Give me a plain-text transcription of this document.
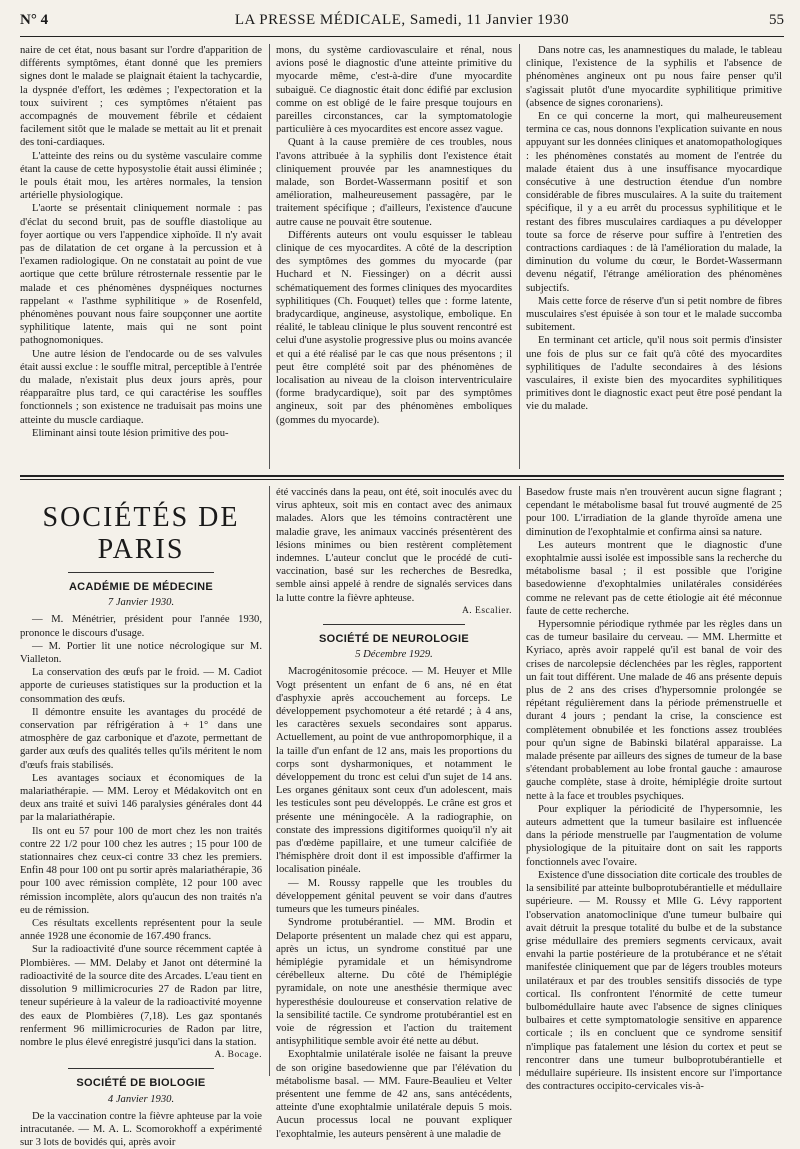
N° 4	LA PRESSE MÉDICALE, Samedi, 11 Janvier 1930	55

naire de cet état, nous basant sur l'ordre d'apparition de différents symptômes, étant donné que les premiers signes dont le malade se plaignait étaient la tachycardie, la dyspnée d'effort, les œdèmes ; l'expectoration et la toux suivirent ; ces symptômes n'étaient pas accompagnés de mouvement fébrile et cédaient facilement sitôt que le malade se mettait au lit et prenait des toni-cardiaques.

L'atteinte des reins ou du système vasculaire comme étant la cause de cette hyposystolie était aussi éliminée ; le pouls était mou, les artères normales, la tension artérielle physiologique.

L'aorte se présentait cliniquement normale : pas d'éclat du second bruit, pas de souffle diastolique au foyer aortique ou vers l'appendice xiphoïde. Il n'y avait pas de dilatation de cet organe à la percussion et à l'examen radiologique. On ne constatait au point de vue aortique que cette brûlure rétrosternale ressentie par le malade et ces phénomènes dyspnéiques nocturnes rappelant « l'asthme syphilitique » de Rosenfeld, phénomènes pouvant nous faire soupçonner une aortite syphilitique latente, mais qui ne sont point pathognomoniques.

Une autre lésion de l'endocarde ou de ses valvules était aussi exclue : le souffle mitral, perceptible à l'entrée du malade, n'existait plus deux jours après, pour réapparaître plus tard, ce qui caractérise les souffles fonctionnels ; son existence ne traduisait pas moins une atteinte du muscle cardiaque.

Eliminant ainsi toute lésion primitive des pou-

mons, du système cardiovasculaire et rénal, nous avions posé le diagnostic d'une atteinte primitive du myocarde même, c'est-à-dire d'une myocardite subaiguë. Ce diagnostic était donc édifié par exclusion comme on est obligé de le faire presque toujours en pareilles circonstances, car la symptomatologie particulière à ces myocardites est encore assez vague.

Quant à la cause première de ces troubles, nous l'avons attribuée à la syphilis dont l'existence était cliniquement prouvée par les anamnestiques du malade, son Bordet-Wassermann positif et son amélioration, malheureusement passagère, par le traitement spécifique ; d'ailleurs, l'existence d'aucune autre cause ne pouvait être soutenue.

Différents auteurs ont voulu esquisser le tableau clinique de ces myocardites. A côté de la description des symptômes des gommes du myocarde (par Huchard et N. Fiessinger) on a décrit aussi schématiquement des formes cliniques des myocardites syphilitiques (Ch. Fouquet) telles que : forme latente, bradycardique, angineuse, asystolique, embolique. En réalité, le tableau clinique le plus souvent rencontré est celui d'une asystolie progressive plus ou moins avancée et qui a été réalisé par le cas que nous présentons ; il peut être complété soit par des phénomènes de localisation au niveau de la cloison interventriculaire (forme bradycardique), soit par des symptômes angineux, soit par des phénomènes emboliques (gommes du myocarde).

Dans notre cas, les anamnestiques du malade, le tableau clinique, l'existence de la syphilis et l'absence de phénomènes angineux ont pu nous faire penser qu'il s'agissait plutôt d'une myocardite syphilitique primitive (absence de signes coronariens).

En ce qui concerne la mort, qui malheureusement termina ce cas, nous donnons l'explication suivante en nous appuyant sur les données cliniques et anatomopathologiques : les phénomènes constatés au moment de l'entrée du malade étaient dus à une insuffisance myocardique consécutive à une destruction étendue d'un nombre considérable de fibres musculaires. A la suite du traitement spécifique, il y a eu arrêt du processus syphilitique et le restant des fibres musculaires cardiaques a pu développer toute sa force de réserve pour suffire à l'entretien des contractions cardiaques : de là l'amélioration du malade, la diminution du volume du cœur, le Bordet-Wassermann devenu négatif, l'étrange amélioration des phénomènes subjectifs.

Mais cette force de réserve d'un si petit nombre de fibres musculaires s'est épuisée à son tour et le malade succomba subitement.

En terminant cet article, qu'il nous soit permis d'insister une fois de plus sur ce fait qu'à côté des myocardites syphilitiques de l'adulte secondaires à des lésions vasculaires, il existe bien des myocardites syphilitiques primitives dont le diagnostic exact peut être posé pendant la vie du malade.

SOCIÉTÉS DE PARIS
ACADÉMIE DE MÉDECINE
7 Janvier 1930.

— M. Ménétrier, président pour l'année 1930, prononce le discours d'usage.

— M. Portier lit une notice nécrologique sur M. Vialleton.

La conservation des œufs par le froid. — M. Cadiot apporte de curieuses statistiques sur la production et la consommation des œufs.

Il démontre ensuite les avantages du procédé de conservation par réfrigération à + 1° dans une atmosphère de gaz carbonique et d'azote, permettant de garder aux œufs des qualités telles qu'ils méritent le nom d'œufs frais stabilisés.

Les avantages sociaux et économiques de la malariathérapie. — MM. Leroy et Médakovitch ont en deux ans traité et suivi 146 paralysies générales dont 44 par la malariathérapie.

Ils ont eu 57 pour 100 de mort chez les non traités contre 22 1/2 pour 100 chez les autres ; 15 pour 100 de stationnaires chez ceux-ci contre 33 chez les premiers. Enfin 48 pour 100 ont pu sortir après malariathérapie, 36 pour 100 avec rémission complète, 12 pour 100 avec rémission incomplète, alors qu'aucun des non traités n'a eu de rémission.

Ces résultats excellents représentent pour la seule année 1928 une économie de 167.490 francs.

Sur la radioactivité d'une source récemment captée à Plombières. — MM. Delaby et Janot ont déterminé la radioactivité de la source dite des Arcades. L'eau tient en dissolution 9 millimicrocuries 27 de Radon par litre, teneur supérieure à la valeur de la radioactivité moyenne des eaux de Plombières (7,18). Les gaz spontanés renferment 96 millimicrocuries de Radon par litre, nombre le plus élevé enregistré jusqu'ici dans la station.

A. Bocage.

SOCIÉTÉ DE BIOLOGIE
4 Janvier 1930.

De la vaccination contre la fièvre aphteuse par la voie intracutanée. — M. A. L. Scomorokhoff a expérimenté sur 3 lots de bovidés qui, après avoir

été vaccinés dans la peau, ont été, soit inoculés avec du virus aphteux, soit mis en contact avec des animaux malades. Alors que les témoins contractèrent une maladie grave, les animaux vaccinés présentèrent des lésions minimes ou bien restèrent complètement indemnes. L'auteur conclut que le procédé de cuti-vaccination, basé sur les recherches de Besredka, semble ainsi appelé à rendre de signalés services dans la lutte contre la fièvre aphteuse.

A. Escalier.

SOCIÉTÉ DE NEUROLOGIE
5 Décembre 1929.

Macrogénitosomie précoce. — M. Heuyer et Mlle Vogt présentent un enfant de 6 ans, né en état d'asphyxie après accouchement au forceps. Le développement psychomoteur a été retardé ; à 4 ans, les caractères sexuels secondaires sont apparus. Actuellement, au point de vue anthropomorphique, il a la taille d'un enfant de 12 ans, mais les proportions du corps sont dysharmoniques, et notamment le développement du tronc est celui d'un sujet de 14 ans. Les organes génitaux sont ceux d'un adolescent, mais les testicules sont peu développés. Le crâne est gros et présente une méningocèle. A la radiographie, on constate des impressions digitiformes quoiqu'il n'y ait pas d'œdème papillaire, et une tumeur calcifiée de l'hémisphère droit dont il est impossible d'affirmer la localisation pinéale.

— M. Roussy rappelle que les troubles du développement génital peuvent se voir dans d'autres tumeurs que les tumeurs pinéales.

Syndrome protubérantiel. — MM. Brodin et Delaporte présentent un malade chez qui est apparu, après un ictus, un syndrome constitué par une hémiplégie pyramidale et un hémisyndrome cérébelleux alterne. Du côté de l'hémiplégie pyramidale, on note une anesthésie thermique avec hyperesthésie douloureuse et conservation relative de la sensibilité tactile. Ce syndrome protubérantiel est en voie de régression et l'action du traitement antisyphilitique semble avoir été nette au début.

Exophtalmie unilatérale isolée ne faisant la preuve de son origine basedowienne que par l'élévation du métabolisme basal. — MM. Faure-Beaulieu et Velter présentent une femme de 42 ans, sans antécédents, atteinte d'une exophtalmie unilatérale depuis 5 mois. Aucun processus local ne pouvant expliquer l'exophtalmie, les auteurs pensèrent à une maladie de

Basedow fruste mais n'en trouvèrent aucun signe flagrant ; cependant le métabolisme basal fut trouvé augmenté de 25 pour 100. L'irradiation de la glande thyroïde amena une diminution de l'exophtalmie et confirma ainsi sa nature.

Les auteurs montrent que le diagnostic d'une exophtalmie aussi isolée est impossible sans la recherche du métabolisme basal ; il est possible que l'origine basedowienne d'exophtalmies unilatérales considérées comme ne relevant pas de cette étiologie ait été méconnue faute de cette recherche.

Hypersomnie périodique rythmée par les règles dans un cas de tumeur basilaire du cerveau. — MM. Lhermitte et Kyriaco, après avoir rappelé qu'il est banal de voir des crises de narcolepsie déclenchées par les règles, rapportent un fait tout différent. Une malade de 46 ans présente depuis plus de 2 ans des crises d'hypersomnie prolongée se répétant régulièrement dans la période prémenstruelle et durant 4 jours ; pendant la crise, la conscience est complètement obnubilée et les fonctions assez troublées pour qu'un signe de Babinski bilatéral apparaisse. La malade présente par ailleurs des signes de tumeur de la base s'étendant probablement au lobe frontal gauche : amaurose gauche complète, stase à droite, hémiplégie droite surtout nette à la face et troubles psychiques.

Pour expliquer la périodicité de l'hypersomnie, les auteurs admettent que la tumeur basilaire est influencée dans la période menstruelle par l'augmentation de volume physiologique de la pituitaire dont on sait les rapports fonctionnels avec l'ovaire.

Existence d'une dissociation dite corticale des troubles de la sensibilité par atteinte bulboprotubérantielle et médullaire supérieure. — M. Roussy et Mlle G. Lévy rapportent l'observation anatomoclinique d'une tumeur bulbaire qui avait détruit la presque totalité du bulbe et de la substance grise médullaire des premiers segments cervicaux, avait envahi la partie postérieure de la protubérance et ne s'était manifestée cliniquement que par de légers troubles moteurs unilatéraux et par des troubles sensitifs dissociés de type cortical. Ils confrontent l'énormité de cette tumeur bulbomédullaire haute avec l'absence de signes cliniques bulbaires et cette symptomatologie sensitive en apparence corticale ; ils en concluent que ce syndrome sensitif n'implique pas fatalement une lésion du cortex et peut se rencontrer dans une tumeur bulboprotubérantielle et médullaire supérieure. Ils insistent encore sur l'importance des contractures occipito-cervicales vis-à-
